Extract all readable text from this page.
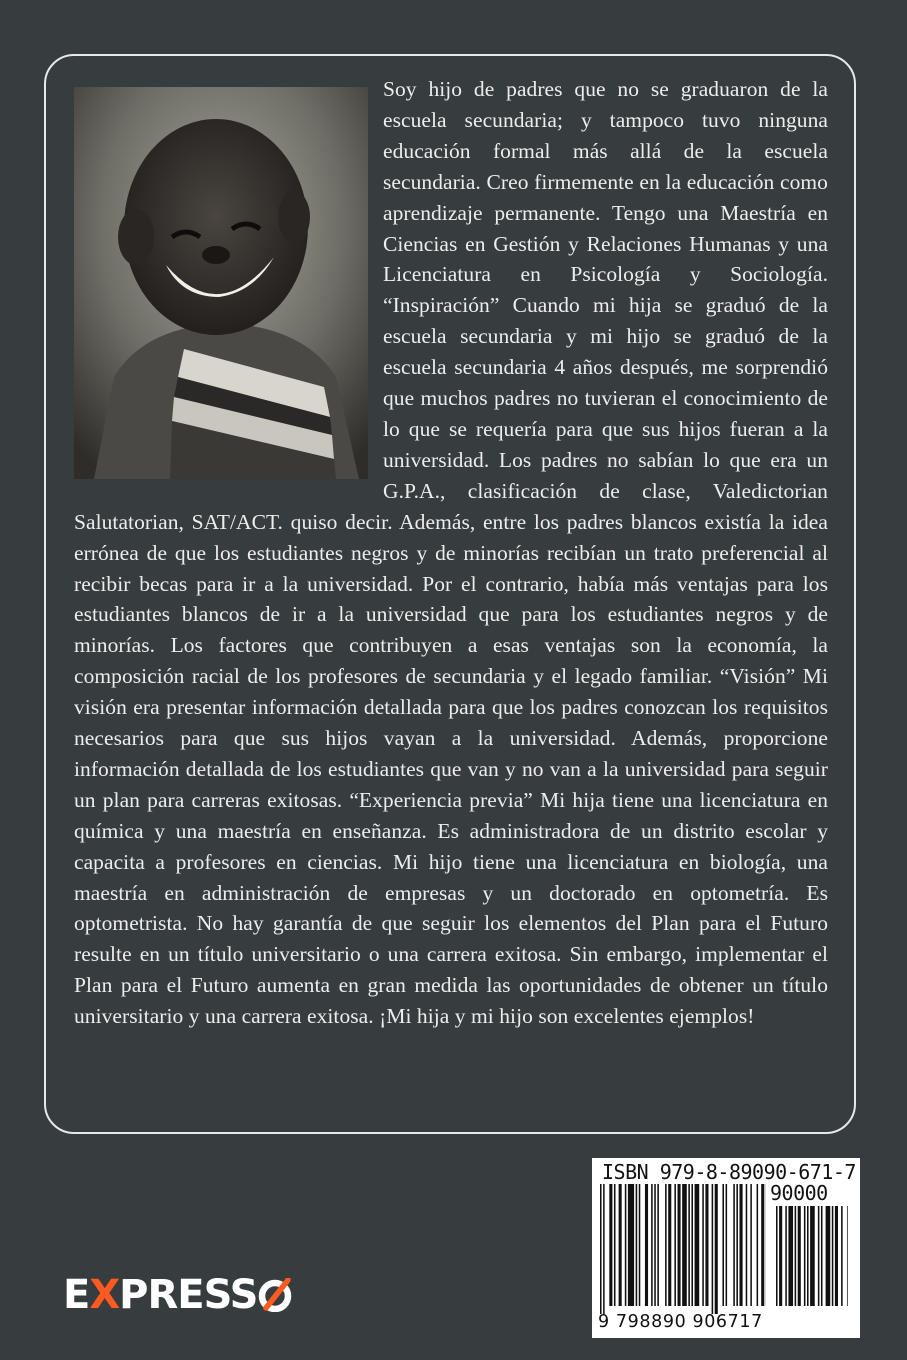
Soy hijo de padres que no se graduaron de la escuela secundaria; y tampoco tuvo ninguna educación formal más allá de la escuela secundaria. Creo firmemente en la educación como aprendizaje permanente. Tengo una Maestría en Ciencias en Gestión y Relaciones Humanas y una Licenciatura en Psicología y Sociología. “Inspiración” Cuando mi hija se graduó de la escuela secundaria y mi hijo se graduó de la escuela secundaria 4 años después, me sorprendió que muchos padres no tuvieran el conocimiento de lo que se requería para que sus hijos fueran a la universidad. Los padres no sabían lo que era un G.P.A., clasificación de clase, Valedictorian Salutatorian, SAT/ACT. quiso decir. Además, entre los padres blancos existía la idea errónea de que los estudiantes negros y de minorías recibían un trato preferencial al recibir becas para ir a la universidad. Por el contrario, había más ventajas para los estudiantes blancos de ir a la universidad que para los estudiantes negros y de minorías. Los factores que contribuyen a esas ventajas son la economía, la composición racial de los profesores de secundaria y el legado familiar. “Visión” Mi visión era presentar información detallada para que los padres conozcan los requisitos necesarios para que sus hijos vayan a la universidad. Además, proporcione información detallada de los estudiantes que van y no van a la universidad para seguir un plan para carreras exitosas. “Experiencia previa” Mi hija tiene una licenciatura en química y una maestría en enseñanza. Es administradora de un distrito escolar y capacita a profesores en ciencias. Mi hijo tiene una licenciatura en biología, una maestría en administración de empresas y un doctorado en optometría. Es optometrista. No hay garantía de que seguir los elementos del Plan para el Futuro resulte en un título universitario o una carrera exitosa. Sin embargo, implementar el Plan para el Futuro aumenta en gran medida las oportunidades de obtener un título universitario y una carrera exitosa. ¡Mi hija y mi hijo son excelentes ejemplos!
E X PRESS
ISBN 979-8-89090-671-7
90000
9 798890 906717
